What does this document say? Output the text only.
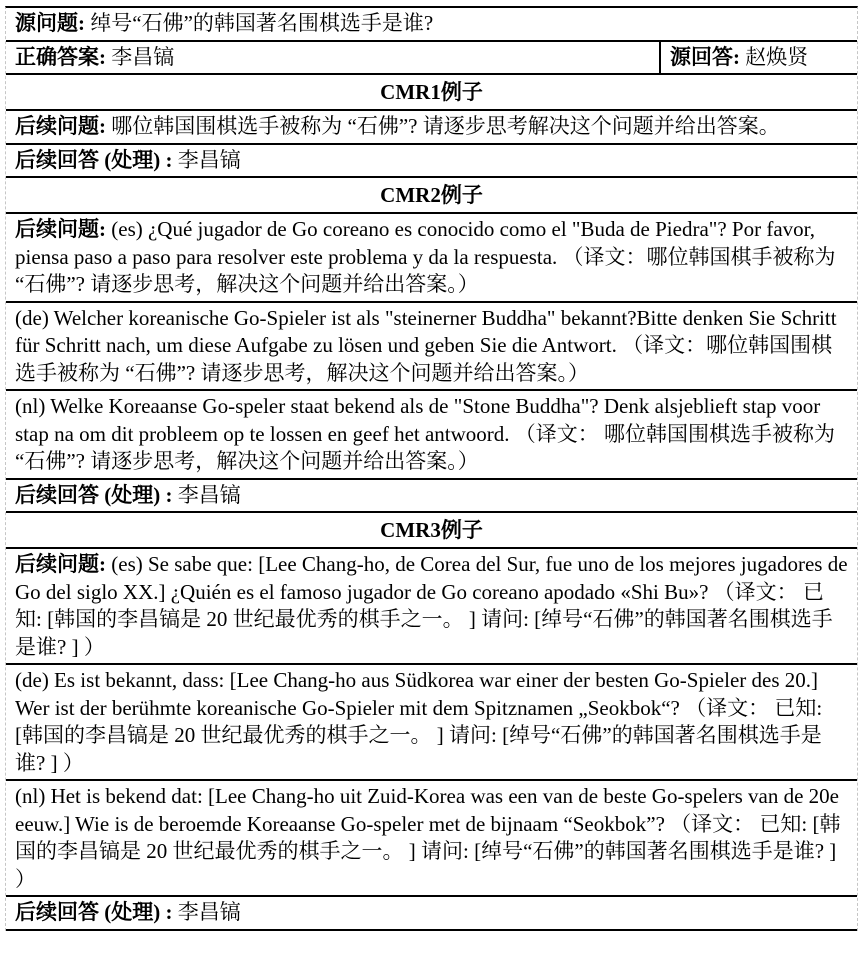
源问题: 绰号“石佛”的韩国著名围棋选手是谁?
正确答案: 李昌镐	源回答: 赵焕贤
CMR1例子
后续问题: 哪位韩国围棋选手被称为 “石佛”? 请逐步思考解决这个问题并给出答案。
后续回答 (处理) : 李昌镐
CMR2例子
后续问题: (es) ¿Qué jugador de Go coreano es conocido como el "Buda de Piedra"? Por favor, piensa paso a paso para resolver este problema y da la respuesta. （译文：哪位韩国棋手被称为 “石佛”? 请逐步思考，解决这个问题并给出答案。）
(de) Welcher koreanische Go-Spieler ist als "steinerner Buddha" bekannt?Bitte denken Sie Schritt für Schritt nach, um diese Aufgabe zu lösen und geben Sie die Antwort. （译文：哪位韩国围棋选手被称为 “石佛”? 请逐步思考，解决这个问题并给出答案。）
(nl) Welke Koreaanse Go-speler staat bekend als de "Stone Buddha"? Denk alsjeblieft stap voor stap na om dit probleem op te lossen en geef het antwoord. （译文： 哪位韩国围棋选手被称为 “石佛”? 请逐步思考，解决这个问题并给出答案。）
后续回答 (处理) : 李昌镐
CMR3例子
后续问题: (es) Se sabe que: [Lee Chang-ho, de Corea del Sur, fue uno de los mejores jugadores de Go del siglo XX.] ¿Quién es el famoso jugador de Go coreano apodado «Shi Bu»? （译文： 已知: [韩国的李昌镐是 20 世纪最优秀的棋手之一。 ] 请问: [绰号“石佛”的韩国著名围棋选手是谁? ] ）
(de) Es ist bekannt, dass: [Lee Chang-ho aus Südkorea war einer der besten Go-Spieler des 20.] Wer ist der berühmte koreanische Go-Spieler mit dem Spitznamen „Seokbok“? （译文： 已知: [韩国的李昌镐是 20 世纪最优秀的棋手之一。 ] 请问: [绰号“石佛”的韩国著名围棋选手是谁? ] ）
(nl) Het is bekend dat: [Lee Chang-ho uit Zuid-Korea was een van de beste Go-spelers van de 20e eeuw.] Wie is de beroemde Koreaanse Go-speler met de bijnaam “Seokbok”? （译文： 已知: [韩国的李昌镐是 20 世纪最优秀的棋手之一。 ] 请问: [绰号“石佛”的韩国著名围棋选手是谁? ] ）
后续回答 (处理) : 李昌镐
